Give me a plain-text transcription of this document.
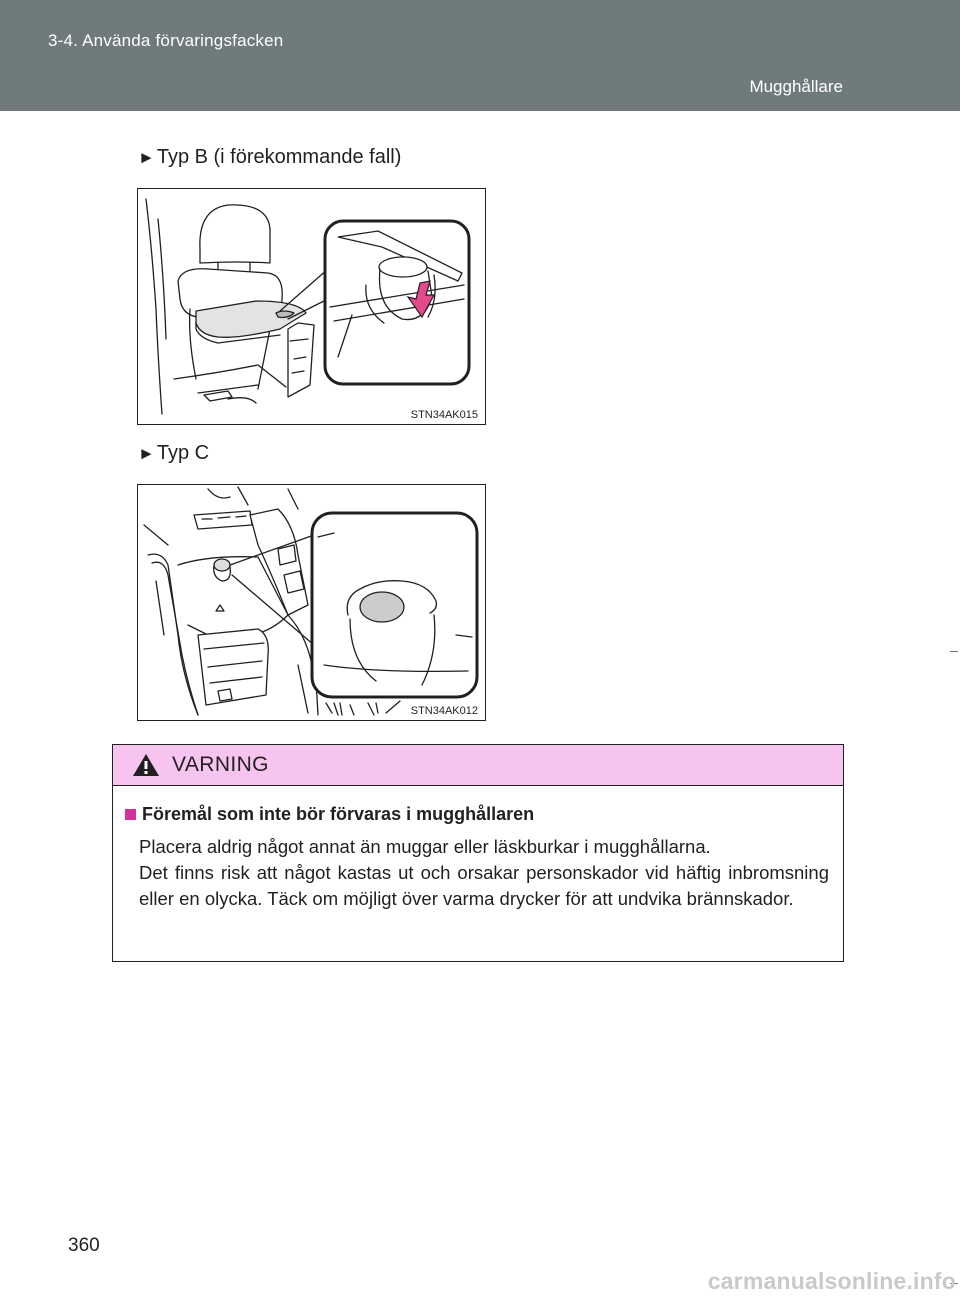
3-4. Använda förvaringsfacken
Mugghållare
► Typ B (i förekommande fall)
STN34AK015
► Typ C
STN34AK012
VARNING
Föremål som inte bör förvaras i mugghållaren

Placera aldrig något annat än muggar eller läskburkar i mugghållarna.

Det finns risk att något kastas ut och orsakar personskador vid häftig inbromsning eller en olycka. Täck om möjligt över varma drycker för att undvika brännskador.

360
carmanualsonline.info
